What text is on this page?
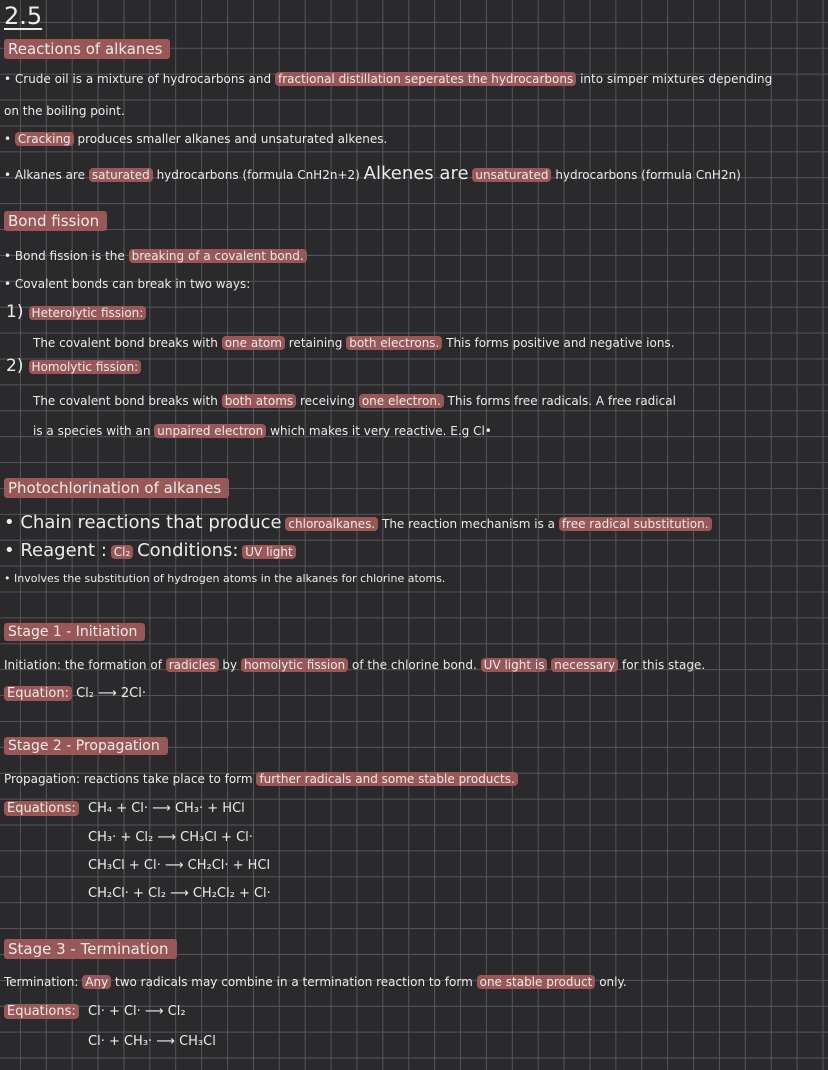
2.5
Reactions of alkanes
• Crude oil is a mixture of hydrocarbons and fractional distillation seperates the hydrocarbons into simper mixtures depending
on the boiling point.
• Cracking produces smaller alkanes and unsaturated alkenes.
• Alkanes are saturated hydrocarbons (formula CnH2n+2) Alkenes are unsaturated hydrocarbons (formula CnH2n)
Bond fission
• Bond fission is the breaking of a covalent bond.
• Covalent bonds can break in two ways:
1) Heterolytic fission:
The covalent bond breaks with one atom retaining both electrons. This forms positive and negative ions.
2) Homolytic fission:
The covalent bond breaks with both atoms receiving one electron. This forms free radicals. A free radical
is a species with an unpaired electron which makes it very reactive. E.g Cl•
Photochlorination of alkanes
• Chain reactions that produce chloroalkanes. The reaction mechanism is a free radical substitution.
• Reagent : Cl₂ Conditions: UV light
• Involves the substitution of hydrogen atoms in the alkanes for chlorine atoms.
Stage 1 - Initiation
Initiation: the formation of radicles by homolytic fission of the chlorine bond. UV light is necessary for this stage.
Equation: Cl₂ ⟶ 2Cl·
Stage 2 - Propagation
Propagation: reactions take place to form further radicals and some stable products.
Equations: CH₄ + Cl· ⟶ CH₃· + HCl
CH₃· + Cl₂ ⟶ CH₃Cl + Cl·
CH₃Cl + Cl· ⟶ CH₂Cl· + HCl
CH₂Cl· + Cl₂ ⟶ CH₂Cl₂ + Cl·
Stage 3 - Termination
Termination: Any two radicals may combine in a termination reaction to form one stable product only.
Equations: Cl· + Cl· ⟶ Cl₂
Cl· + CH₃· ⟶ CH₃Cl
